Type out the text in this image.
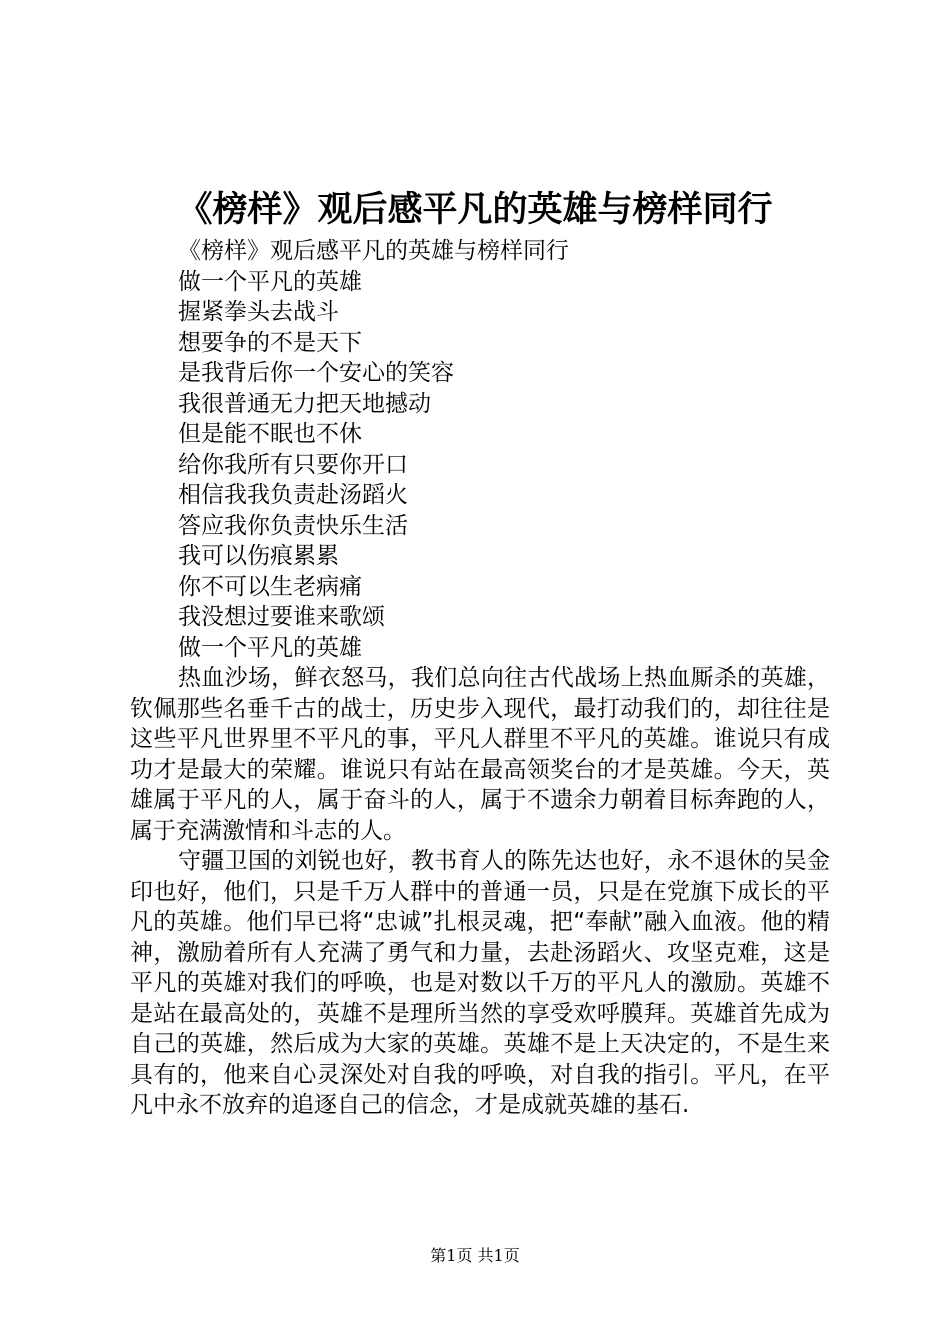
《榜样》观后感平凡的英雄与榜样同行
《榜样》观后感平凡的英雄与榜样同行
做一个平凡的英雄
握紧拳头去战斗
想要争的不是天下
是我背后你一个安心的笑容
我很普通无力把天地撼动
但是能不眠也不休
给你我所有只要你开口
相信我我负责赴汤蹈火
答应我你负责快乐生活
我可以伤痕累累
你不可以生老病痛
我没想过要谁来歌颂
做一个平凡的英雄

热血沙场，鲜衣怒马，我们总向往古代战场上热血厮杀的英雄，钦佩那些名垂千古的战士，历史步入现代，最打动我们的，却往往是这些平凡世界里不平凡的事，平凡人群里不平凡的英雄。谁说只有成功才是最大的荣耀。谁说只有站在最高领奖台的才是英雄。今天，英雄属于平凡的人，属于奋斗的人，属于不遗余力朝着目标奔跑的人，属于充满激情和斗志的人。

守疆卫国的刘锐也好，教书育人的陈先达也好，永不退休的吴金印也好，他们，只是千万人群中的普通一员，只是在党旗下成长的平凡的英雄。他们早已将“忠诚”扎根灵魂，把“奉献”融入血液。他的精神，激励着所有人充满了勇气和力量，去赴汤蹈火、攻坚克难，这是平凡的英雄对我们的呼唤，也是对数以千万的平凡人的激励。英雄不是站在最高处的，英雄不是理所当然的享受欢呼膜拜。英雄首先成为自己的英雄，然后成为大家的英雄。英雄不是上天决定的，不是生来具有的，他来自心灵深处对自我的呼唤，对自我的指引。平凡，在平凡中永不放弃的追逐自己的信念，才是成就英雄的基石.

第1页 共1页
